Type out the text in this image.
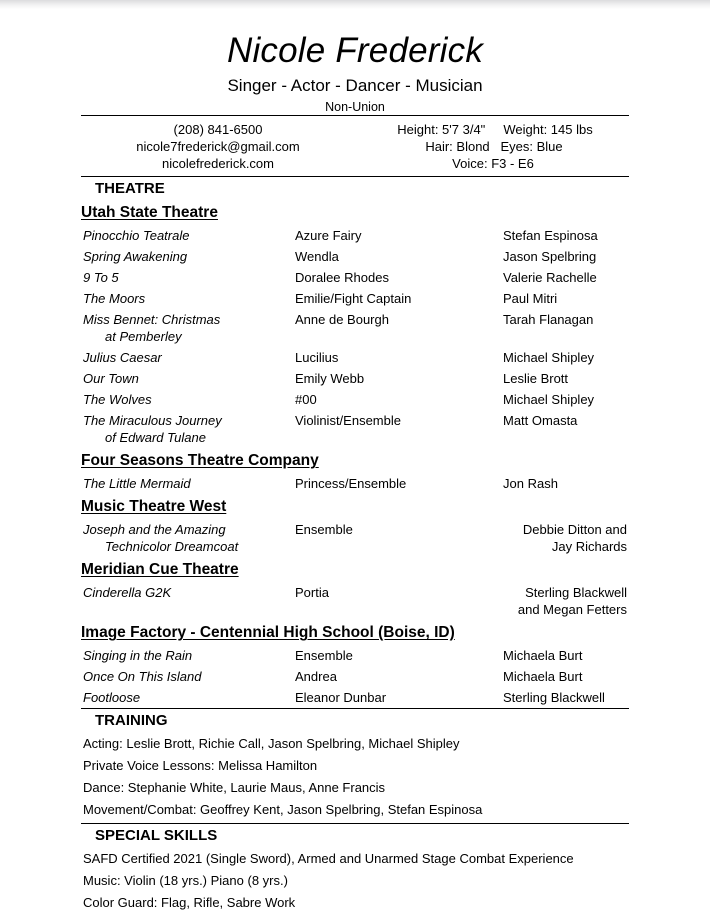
Nicole Frederick
Singer - Actor - Dancer - Musician
Non-Union
(208) 841-6500
nicole7frederick@gmail.com
nicolefrederick.com
Height: 5'7 3/4" Weight: 145 lbs
Hair: Blond Eyes: Blue
Voice: F3 - E6
THEATRE
Utah State Theatre
Pinocchio Teatrale	Azure Fairy	Stefan Espinosa
Spring Awakening	Wendla	Jason Spelbring
9 To 5	Doralee Rhodes	Valerie Rachelle
The Moors	Emilie/Fight Captain	Paul Mitri
Miss Bennet: Christmas
at Pemberley
Anne de Bourgh	Tarah Flanagan
Julius Caesar	Lucilius	Michael Shipley
Our Town	Emily Webb	Leslie Brott
The Wolves	#00	Michael Shipley
The Miraculous Journey
of Edward Tulane
Violinist/Ensemble	Matt Omasta
Four Seasons Theatre Company
The Little Mermaid	Princess/Ensemble	Jon Rash
Music Theatre West
Joseph and the Amazing
Technicolor Dreamcoat
Ensemble	Debbie Ditton and Jay Richards
Meridian Cue Theatre
Cinderella G2K	Portia	Sterling Blackwell and Megan Fetters
Image Factory - Centennial High School (Boise, ID)
Singing in the Rain	Ensemble	Michaela Burt
Once On This Island	Andrea	Michaela Burt
Footloose	Eleanor Dunbar	Sterling Blackwell
TRAINING
Acting: Leslie Brott, Richie Call, Jason Spelbring, Michael Shipley
Private Voice Lessons: Melissa Hamilton
Dance: Stephanie White, Laurie Maus, Anne Francis
Movement/Combat: Geoffrey Kent, Jason Spelbring, Stefan Espinosa
SPECIAL SKILLS
SAFD Certified 2021 (Single Sword), Armed and Unarmed Stage Combat Experience
Music: Violin (18 yrs.) Piano (8 yrs.)
Color Guard: Flag, Rifle, Sabre Work
